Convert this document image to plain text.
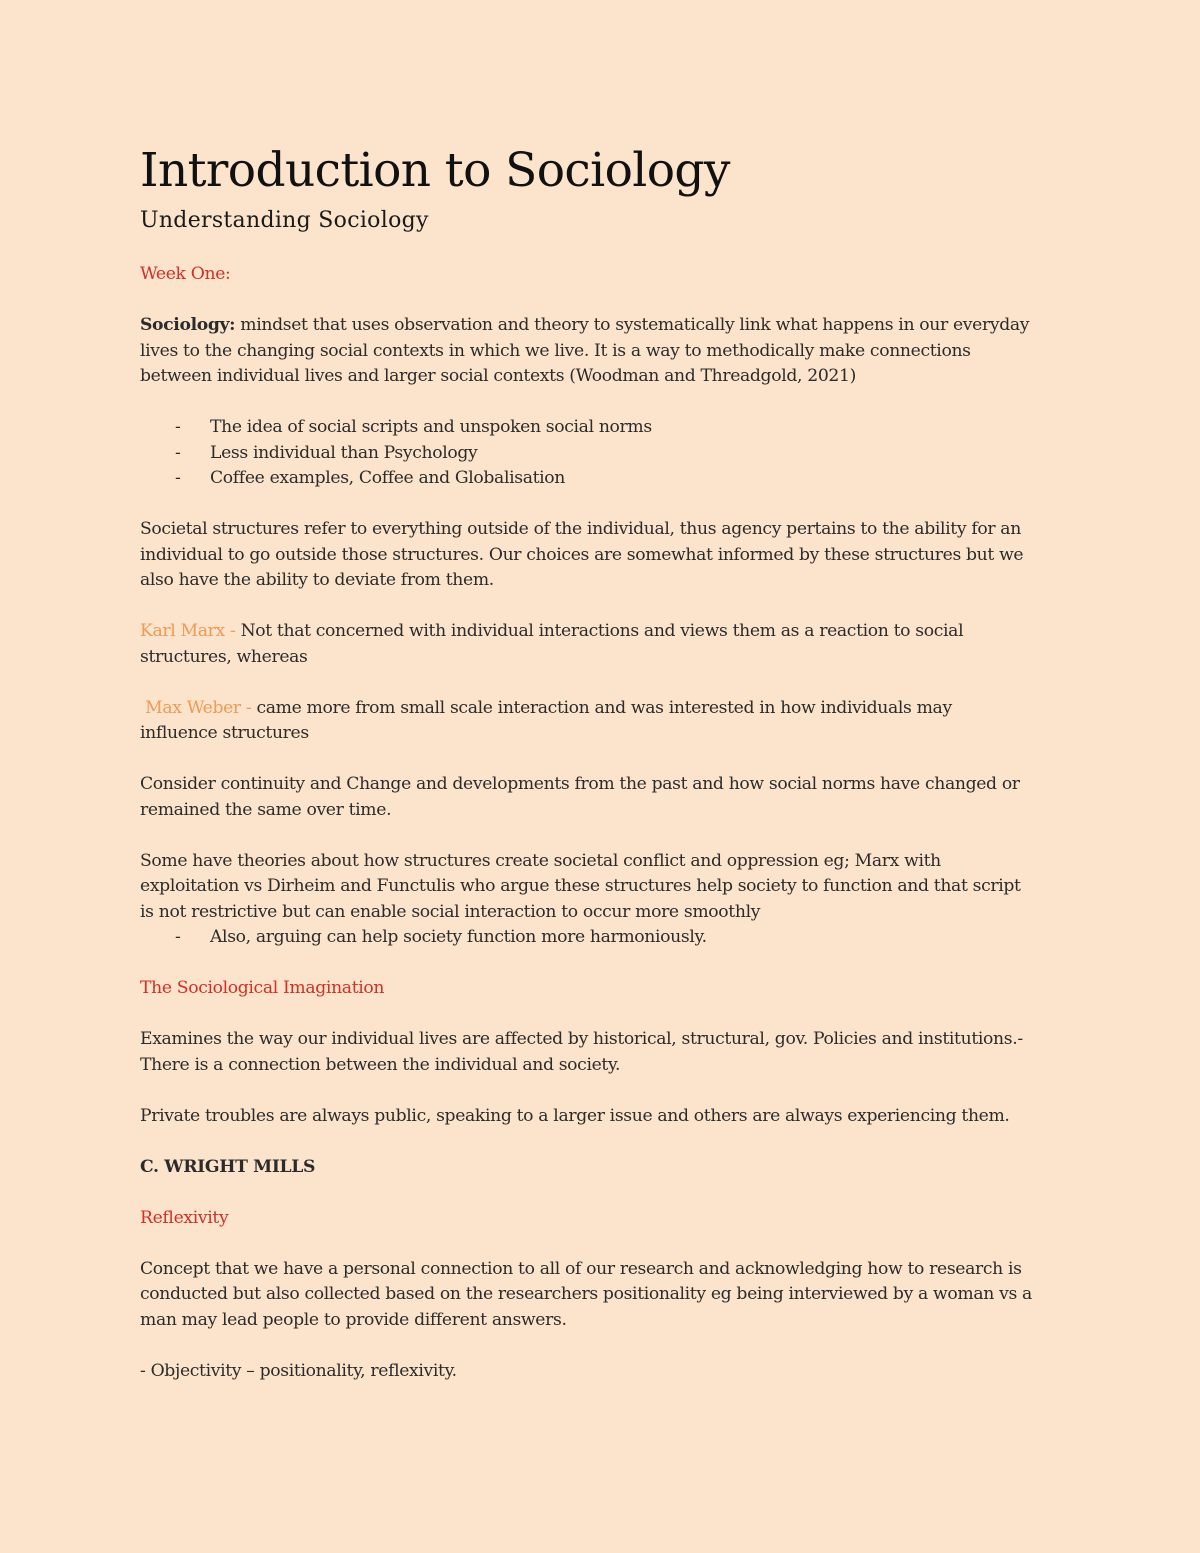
Introduction to Sociology
Understanding Sociology

Week One:

Sociology: mindset that uses observation and theory to systematically link what happens in our everyday

lives to the changing social contexts in which we live. It is a way to methodically make connections

between individual lives and larger social contexts (Woodman and Threadgold, 2021)

- The idea of social scripts and unspoken social norms
- Less individual than Psychology
- Coffee examples, Coffee and Globalisation

Societal structures refer to everything outside of the individual, thus agency pertains to the ability for an

individual to go outside those structures. Our choices are somewhat informed by these structures but we

also have the ability to deviate from them.

Karl Marx - Not that concerned with individual interactions and views them as a reaction to social

structures, whereas

Max Weber - came more from small scale interaction and was interested in how individuals may

influence structures

Consider continuity and Change and developments from the past and how social norms have changed or

remained the same over time.

Some have theories about how structures create societal conflict and oppression eg; Marx with

exploitation vs Dirheim and Functulis who argue these structures help society to function and that script

is not restrictive but can enable social interaction to occur more smoothly

- Also, arguing can help society function more harmoniously.

The Sociological Imagination

Examines the way our individual lives are affected by historical, structural, gov. Policies and institutions.-

There is a connection between the individual and society.

Private troubles are always public, speaking to a larger issue and others are always experiencing them.

C. WRIGHT MILLS

Reflexivity

Concept that we have a personal connection to all of our research and acknowledging how to research is

conducted but also collected based on the researchers positionality eg being interviewed by a woman vs a

man may lead people to provide different answers.

- Objectivity – positionality, reflexivity.
